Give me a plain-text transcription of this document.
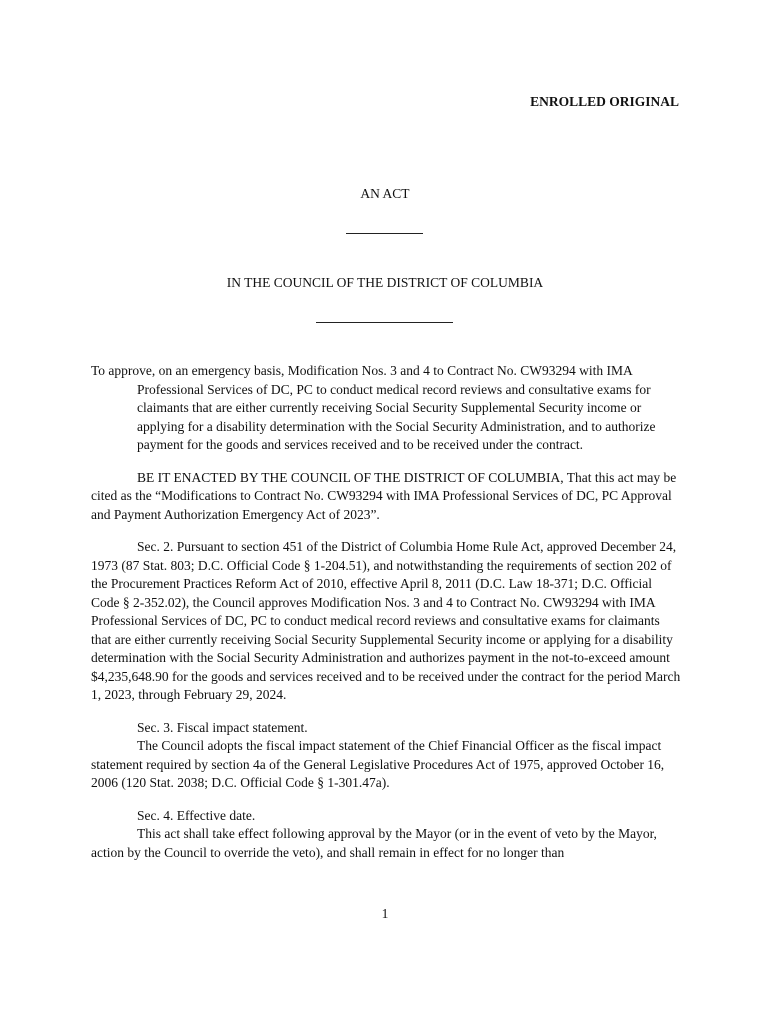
ENROLLED ORIGINAL
AN ACT
IN THE COUNCIL OF THE DISTRICT OF COLUMBIA

To approve, on an emergency basis, Modification Nos. 3 and 4 to Contract No. CW93294 with IMA Professional Services of DC, PC to conduct medical record reviews and consultative exams for claimants that are either currently receiving Social Security Supplemental Security income or applying for a disability determination with the Social Security Administration, and to authorize payment for the goods and services received and to be received under the contract.

BE IT ENACTED BY THE COUNCIL OF THE DISTRICT OF COLUMBIA, That this act may be cited as the “Modifications to Contract No. CW93294 with IMA Professional Services of DC, PC Approval and Payment Authorization Emergency Act of 2023”.

Sec. 2. Pursuant to section 451 of the District of Columbia Home Rule Act, approved December 24, 1973 (87 Stat. 803; D.C. Official Code § 1-204.51), and notwithstanding the requirements of section 202 of the Procurement Practices Reform Act of 2010, effective April 8, 2011 (D.C. Law 18-371; D.C. Official Code § 2-352.02), the Council approves Modification Nos. 3 and 4 to Contract No. CW93294 with IMA Professional Services of DC, PC to conduct medical record reviews and consultative exams for claimants that are either currently receiving Social Security Supplemental Security income or applying for a disability determination with the Social Security Administration and authorizes payment in the not-to-exceed amount $4,235,648.90 for the goods and services received and to be received under the contract for the period March 1, 2023, through February 29, 2024.

Sec. 3. Fiscal impact statement.

The Council adopts the fiscal impact statement of the Chief Financial Officer as the fiscal impact statement required by section 4a of the General Legislative Procedures Act of 1975, approved October 16, 2006 (120 Stat. 2038; D.C. Official Code § 1-301.47a).

Sec. 4. Effective date.

This act shall take effect following approval by the Mayor (or in the event of veto by the Mayor, action by the Council to override the veto), and shall remain in effect for no longer than

1
